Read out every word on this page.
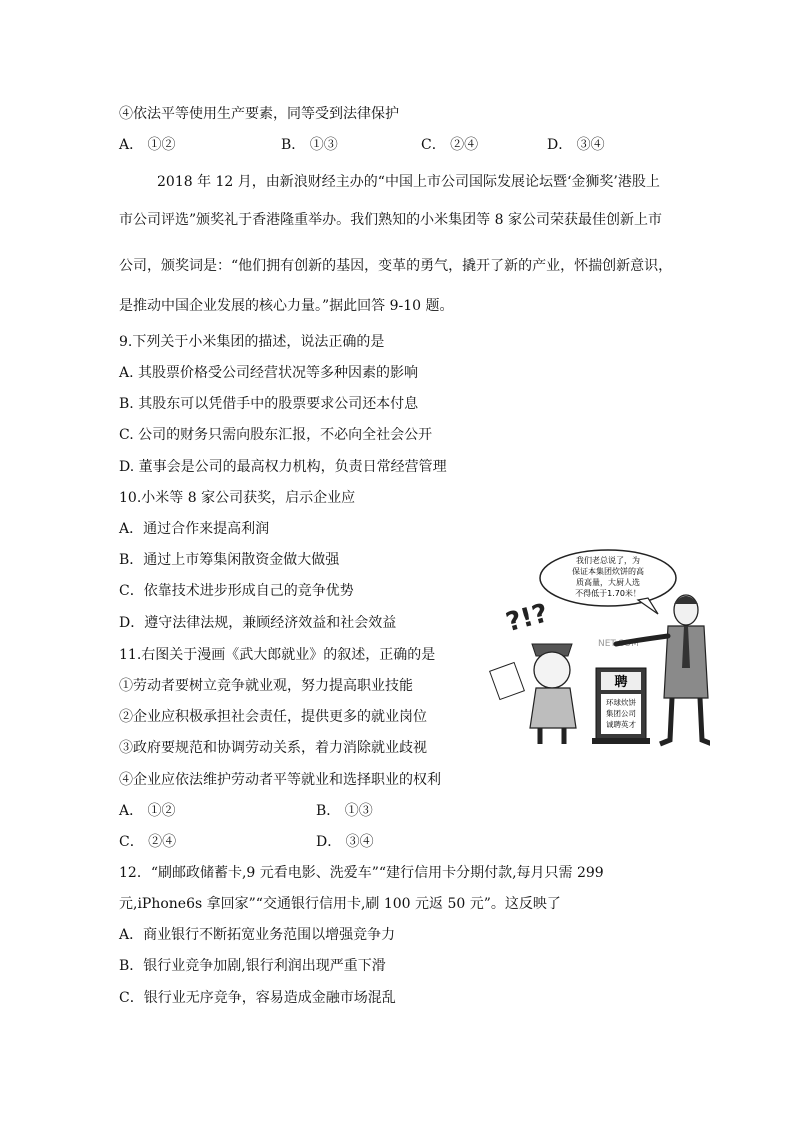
④依法平等使用生产要素，同等受到法律保护
A． ①②	B． ①③	C． ②④	D． ③④
2018 年 12 月，由新浪财经主办的“中国上市公司国际发展论坛暨‘金狮奖’港股上
市公司评选”颁奖礼于香港隆重举办。我们熟知的小米集团等 8 家公司荣获最佳创新上市
公司，颁奖词是：“他们拥有创新的基因，变革的勇气，撬开了新的产业，怀揣创新意识，
是推动中国企业发展的核心力量。”据此回答 9-10 题。
9.下列关于小米集团的描述，说法正确的是
A. 其股票价格受公司经营状况等多种因素的影响
B. 其股东可以凭借手中的股票要求公司还本付息
C. 公司的财务只需向股东汇报，不必向全社会公开
D. 董事会是公司的最高权力机构，负责日常经营管理
10.小米等 8 家公司获奖，启示企业应
A．通过合作来提高利润
B．通过上市筹集闲散资金做大做强
C．依靠技术进步形成自己的竞争优势
D．遵守法律法规，兼顾经济效益和社会效益
11.右图关于漫画《武大郎就业》的叙述，正确的是
①劳动者要树立竞争就业观，努力提高职业技能
②企业应积极承担社会责任，提供更多的就业岗位
③政府要规范和协调劳动关系，着力消除就业歧视
④企业应依法维护劳动者平等就业和选择职业的权利
A． ①②	B． ①③
C． ②④	D． ③④
我们老总说了，为
保证本集团炊饼的高
质高量，大厨人选
不得低于1.70米！
?!?
NET.COM
聘
环球炊饼
集团公司
诚聘英才
12．“刷邮政储蓄卡,9 元看电影、洗爱车”“建行信用卡分期付款,每月只需 299
元,iPhone6s 拿回家”“交通银行信用卡,刷 100 元返 50 元”。这反映了
A．商业银行不断拓宽业务范围以增强竞争力
B．银行业竞争加剧,银行利润出现严重下滑
C．银行业无序竞争，容易造成金融市场混乱
